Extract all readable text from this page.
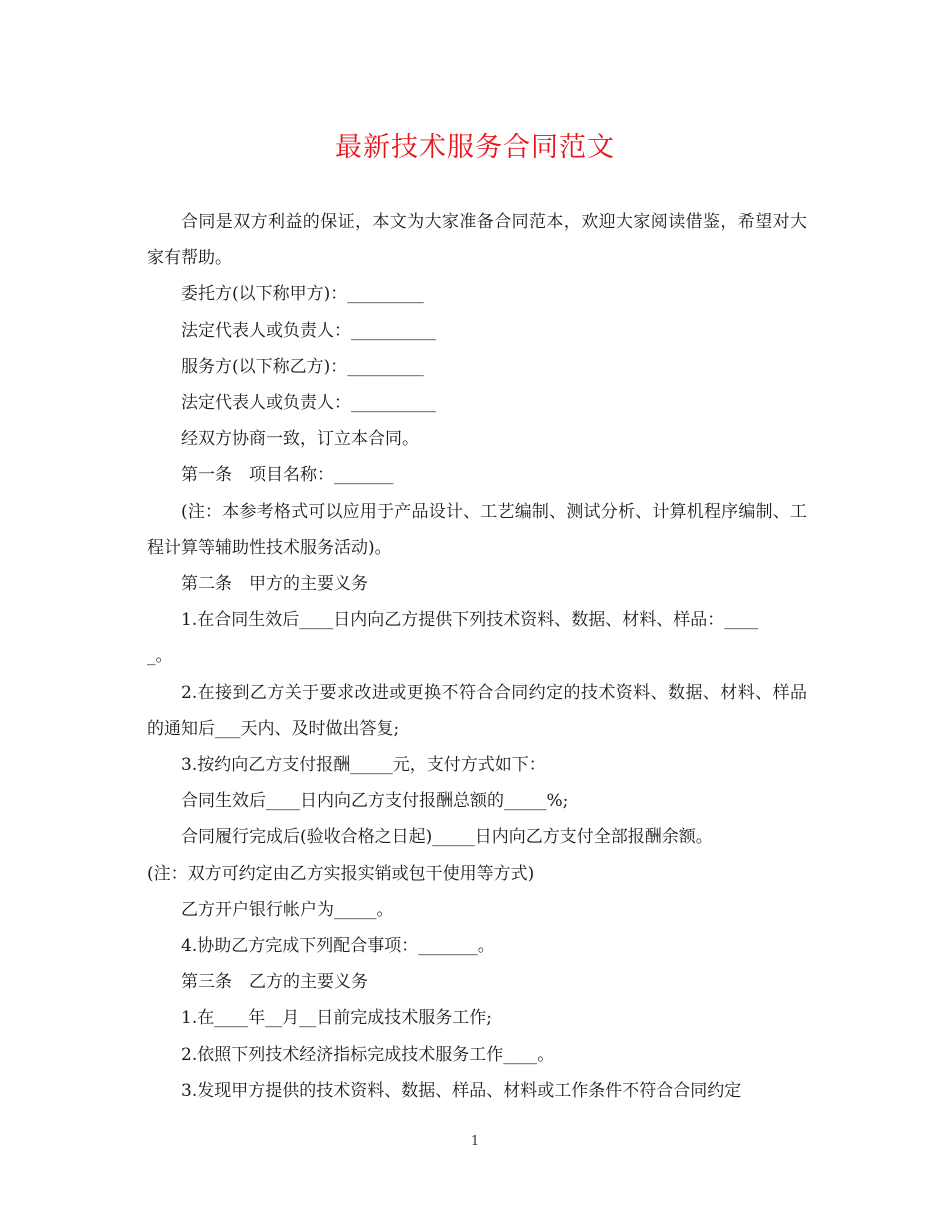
最新技术服务合同范文

合同是双方利益的保证，本文为大家准备合同范本，欢迎大家阅读借鉴，希望对大家有帮助。

委托方(以下称甲方)：_________

法定代表人或负责人：__________

服务方(以下称乙方)：_________

法定代表人或负责人：__________

经双方协商一致，订立本合同。

第一条　项目名称：_______

(注：本参考格式可以应用于产品设计、工艺编制、测试分析、计算机程序编制、工程计算等辅助性技术服务活动)。

第二条　甲方的主要义务

1.在合同生效后____日内向乙方提供下列技术资料、数据、材料、样品：_____。

2.在接到乙方关于要求改进或更换不符合合同约定的技术资料、数据、材料、样品的通知后___天内、及时做出答复;

3.按约向乙方支付报酬_____元，支付方式如下：

合同生效后____日内向乙方支付报酬总额的_____%;

合同履行完成后(验收合格之日起)_____日内向乙方支付全部报酬余额。

(注：双方可约定由乙方实报实销或包干使用等方式)

乙方开户银行帐户为_____。

4.协助乙方完成下列配合事项：_______。

第三条　乙方的主要义务

1.在____年__月__日前完成技术服务工作;

2.依照下列技术经济指标完成技术服务工作____。

3.发现甲方提供的技术资料、数据、样品、材料或工作条件不符合合同约定

1
